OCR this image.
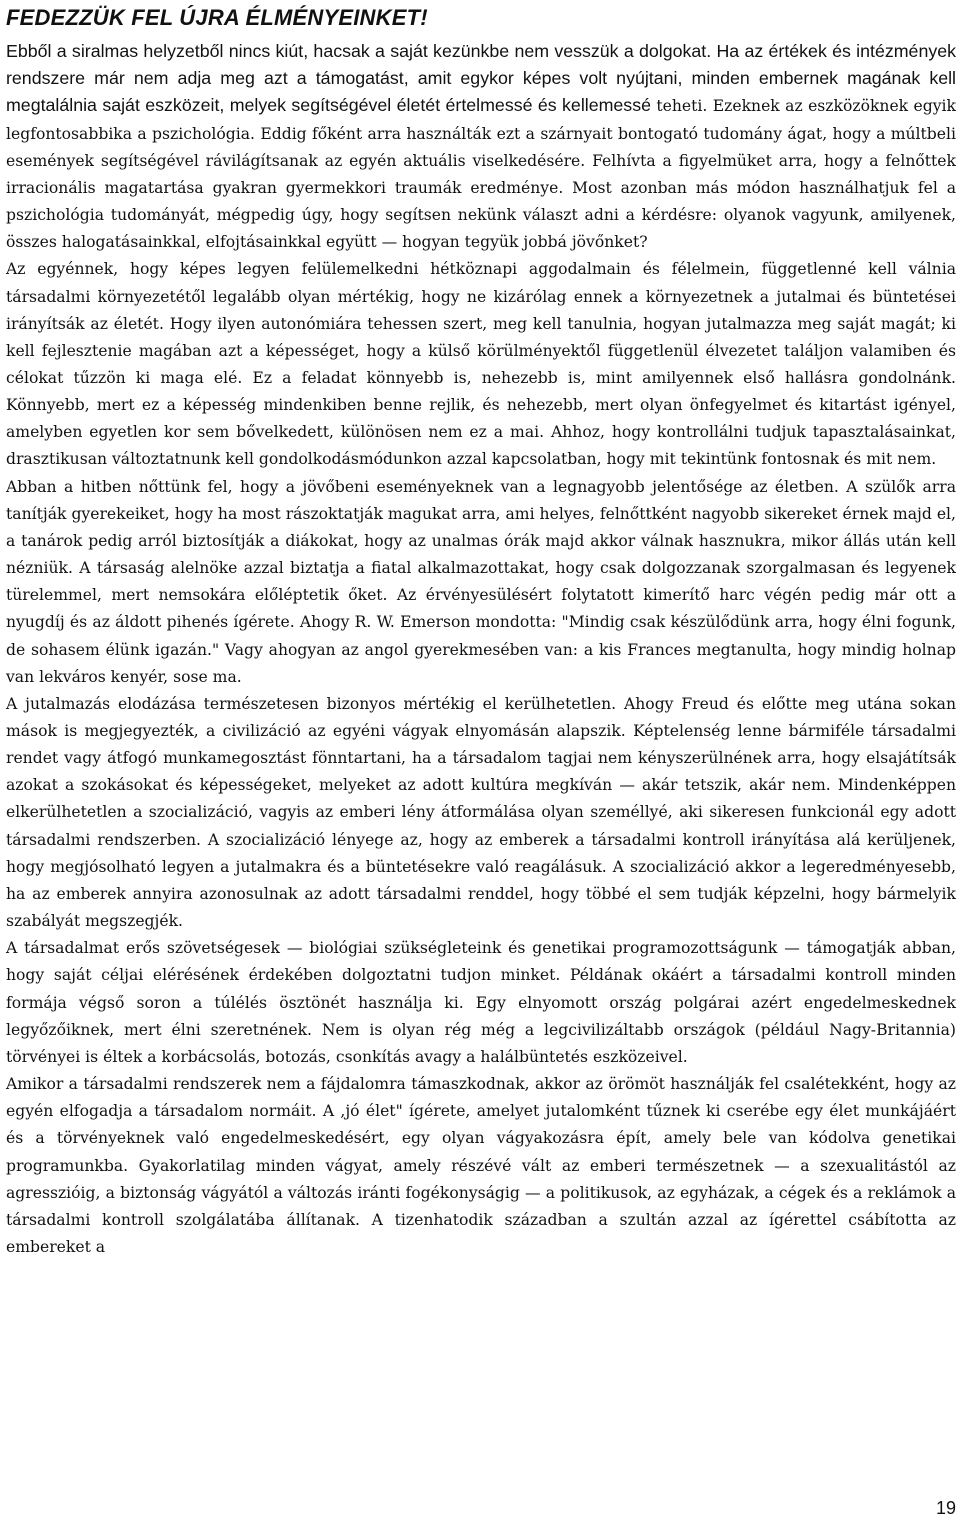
FEDEZZÜK FEL ÚJRA ÉLMÉNYEINKET!

Ebből a siralmas helyzetből nincs kiút, hacsak a saját kezünkbe nem vesszük a dolgokat. Ha az értékek és intézmények rendszere már nem adja meg azt a támogatást, amit egykor képes volt nyújtani, minden embernek magának kell megtalálnia saját eszközeit, melyek segítségével életét értelmessé és kellemessé teheti. Ezeknek az eszközöknek egyik legfontosabbika a pszichológia. Eddig főként arra használták ezt a szárnyait bontogató tudomány ágat, hogy a múltbeli események segítségével rávilágítsanak az egyén aktuális viselkedésére. Felhívta a figyelmüket arra, hogy a felnőttek irracionális magatartása gyakran gyermekkori traumák eredménye. Most azonban más módon használhatjuk fel a pszichológia tudományát, mégpedig úgy, hogy segítsen nekünk választ adni a kérdésre: olyanok vagyunk, amilyenek, összes halogatásainkkal, elfojtásainkkal együtt — hogyan tegyük jobbá jövőnket?

Az egyénnek, hogy képes legyen felülemelkedni hétköznapi aggodalmain és félelmein, függetlenné kell válnia társadalmi környezetétől legalább olyan mértékig, hogy ne kizárólag ennek a környezetnek a jutalmai és büntetései irányítsák az életét. Hogy ilyen autonómiára tehessen szert, meg kell tanulnia, hogyan jutalmazza meg saját magát; ki kell fejlesztenie magában azt a képességet, hogy a külső körülményektől függetlenül élvezetet találjon valamiben és célokat tűzzön ki maga elé. Ez a feladat könnyebb is, nehezebb is, mint amilyennek első hallásra gondolnánk. Könnyebb, mert ez a képesség mindenkiben benne rejlik, és nehezebb, mert olyan önfegyelmet és kitartást igényel, amelyben egyetlen kor sem bővelkedett, különösen nem ez a mai. Ahhoz, hogy kontrollálni tudjuk tapasztalásainkat, drasztikusan változtatnunk kell gondolkodásmódunkon azzal kapcsolatban, hogy mit tekintünk fontosnak és mit nem.

Abban a hitben nőttünk fel, hogy a jövőbeni eseményeknek van a legnagyobb jelentősége az életben. A szülők arra tanítják gyerekeiket, hogy ha most rászoktatják magukat arra, ami helyes, felnőttként nagyobb sikereket érnek majd el, a tanárok pedig arról biztosítják a diákokat, hogy az unalmas órák majd akkor válnak hasznukra, mikor állás után kell nézniük. A társaság alelnöke azzal biztatja a fiatal alkalmazottakat, hogy csak dolgozzanak szorgalmasan és legyenek türelemmel, mert nemsokára előléptetik őket. Az érvényesülésért folytatott kimerítő harc végén pedig már ott a nyugdíj és az áldott pihenés ígérete. Ahogy R. W. Emerson mondotta: "Mindig csak készülődünk arra, hogy élni fogunk, de sohasem élünk igazán." Vagy ahogyan az angol gyerekmesében van: a kis Frances megtanulta, hogy mindig holnap van lekváros kenyér, sose ma.

A jutalmazás elodázása természetesen bizonyos mértékig el kerülhetetlen. Ahogy Freud és előtte meg utána sokan mások is megjegyezték, a civilizáció az egyéni vágyak elnyomásán alapszik. Képtelenség lenne bármiféle társadalmi rendet vagy átfogó munkamegosztást fönntartani, ha a társadalom tagjai nem kényszerülnének arra, hogy elsajátítsák azokat a szokásokat és képességeket, melyeket az adott kultúra megkíván — akár tetszik, akár nem. Mindenképpen elkerülhetetlen a szocializáció, vagyis az emberi lény átformálása olyan személlyé, aki sikeresen funkcionál egy adott társadalmi rendszerben. A szocializáció lényege az, hogy az emberek a társadalmi kontroll irányítása alá kerüljenek, hogy megjósolható legyen a jutalmakra és a büntetésekre való reagálásuk. A szocializáció akkor a legeredményesebb, ha az emberek annyira azonosulnak az adott társadalmi renddel, hogy többé el sem tudják képzelni, hogy bármelyik szabályát megszegjék.

A társadalmat erős szövetségesek — biológiai szükségleteink és genetikai programozottságunk — támogatják abban, hogy saját céljai elérésének érdekében dolgoztatni tudjon minket. Példának okáért a társadalmi kontroll minden formája végső soron a túlélés ösztönét használja ki. Egy elnyomott ország polgárai azért engedelmeskednek legyőzőiknek, mert élni szeretnének. Nem is olyan rég még a legcivilizáltabb országok (például Nagy-Britannia) törvényei is éltek a korbácsolás, botozás, csonkítás avagy a halálbüntetés eszközeivel.

Amikor a társadalmi rendszerek nem a fájdalomra támaszkodnak, akkor az örömöt használják fel csalétekként, hogy az egyén elfogadja a társadalom normáit. A ,jó élet" ígérete, amelyet jutalomként tűznek ki cserébe egy élet munkájáért és a törvényeknek való engedelmeskedésért, egy olyan vágyakozásra épít, amely bele van kódolva genetikai programunkba. Gyakorlatilag minden vágyat, amely részévé vált az emberi természetnek — a szexualitástól az agresszióig, a biztonság vágyától a változás iránti fogékonyságig — a politikusok, az egyházak, a cégek és a reklámok a társadalmi kontroll szolgálatába állítanak. A tizenhatodik században a szultán azzal az ígérettel csábította az embereket a

19
